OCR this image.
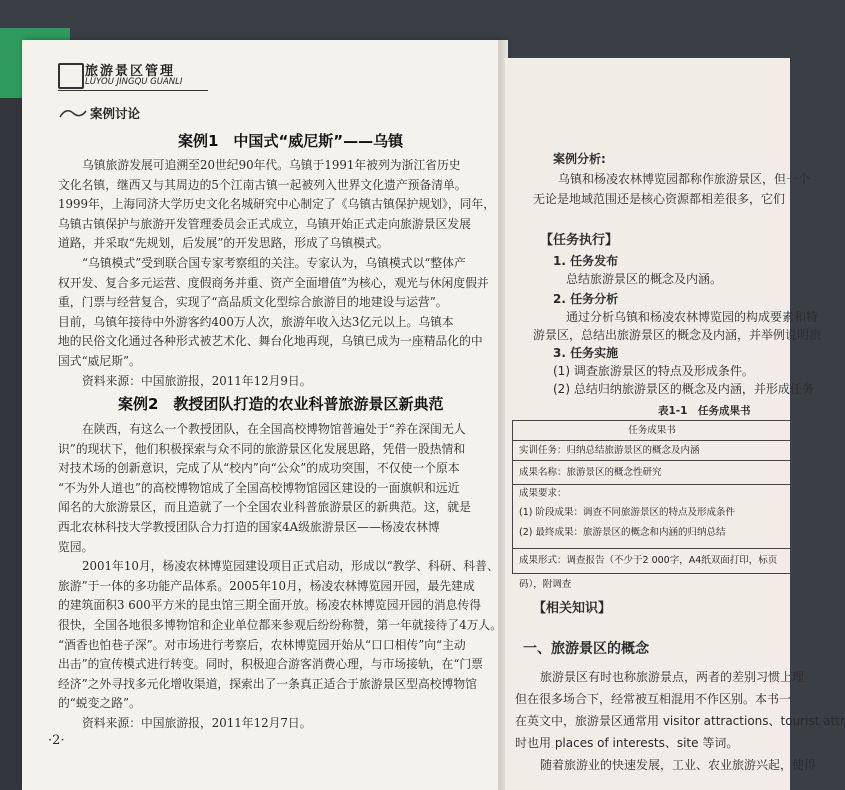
旅游景区管理
LÜYOU JINGQU GUANLI
案例讨论
案例1　中国式“威尼斯”——乌镇
乌镇旅游发展可追溯至20世纪90年代。乌镇于1991年被列为浙江省历史
文化名镇，继西又与其周边的5个江南古镇一起被列入世界文化遗产预备清单。
1999年，上海同济大学历史文化名城研究中心制定了《乌镇古镇保护规划》，同年，
乌镇古镇保护与旅游开发管理委员会正式成立，乌镇开始正式走向旅游景区发展
道路，并采取“先规划，后发展”的开发思路，形成了乌镇模式。
“乌镇模式”受到联合国专家考察组的关注。专家认为，乌镇模式以“整体产
权开发、复合多元运营、度假商务并重、资产全面增值”为核心，观光与休闲度假并
重，门票与经营复合，实现了“高品质文化型综合旅游目的地建设与运营”。
目前，乌镇年接待中外游客约400万人次，旅游年收入达3亿元以上。乌镇本
地的民俗文化通过各种形式被艺术化、舞台化地再现，乌镇已成为一座精品化的中
国式“威尼斯”。
资料来源：中国旅游报，2011年12月9日。
案例2　教授团队打造的农业科普旅游景区新典范
在陕西，有这么一个教授团队，在全国高校博物馆普遍处于“养在深闺无人
识”的现状下，他们积极探索与众不同的旅游景区化发展思路，凭借一股热情和
对技术场的创新意识，完成了从“校内”向“公众”的成功突围，不仅使一个原本
“不为外人道也”的高校博物馆成了全国高校博物馆园区建设的一面旗帜和远近
闻名的大旅游景区，而且造就了一个全国农业科普旅游景区的新典范。这，就是
西北农林科技大学教授团队合力打造的国家4A级旅游景区——杨凌农林博
览园。
2001年10月，杨凌农林博览园建设项目正式启动，形成以“教学、科研、科普、
旅游”于一体的多功能产品体系。2005年10月，杨凌农林博览园开园，最先建成
的建筑面积3 600平方米的昆虫馆三期全面开放。杨凌农林博览园开园的消息传得
很快，全国各地很多博物馆和企业单位都来参观后纷纷称赞，第一年就接待了4万人。
“酒香也怕巷子深”。对市场进行考察后，农林博览园开始从“口口相传”向“主动
出击”的宣传模式进行转变。同时，积极迎合游客消费心理，与市场接轨，在“门票
经济”之外寻找多元化增收渠道，探索出了一条真正适合于旅游景区型高校博物馆
的“蜕变之路”。
资料来源：中国旅游报，2011年12月7日。
·2·
案例分析:
乌镇和杨凌农林博览园都称作旅游景区，但一个
无论是地域范围还是核心资源都相差很多，它们
【任务执行】
1. 任务发布
总结旅游景区的概念及内涵。
2. 任务分析
通过分析乌镇和杨凌农林博览园的构成要素和特
游景区，总结出旅游景区的概念及内涵，并举例说明旅
3. 任务实施
(1) 调查旅游景区的特点及形成条件。
(2) 总结归纳旅游景区的概念及内涵，并形成任务
表1-1　任务成果书
任务成果书
实训任务：归纳总结旅游景区的概念及内涵
成果名称：旅游景区的概念性研究
成果要求：
(1) 阶段成果：调查不同旅游景区的特点及形成条件
(2) 最终成果：旅游景区的概念和内涵的归纳总结
成果形式：调查报告（不少于2 000字，A4纸双面打印，标页码），附调查
【相关知识】
一、旅游景区的概念
旅游景区有时也称旅游景点，两者的差别习惯上理
但在很多场合下，经常被互相混用不作区别。本书一
在英文中，旅游景区通常用 visitor attractions、tourist attr
时也用 places of interests、site 等词。
随着旅游业的快速发展，工业、农业旅游兴起，使得
